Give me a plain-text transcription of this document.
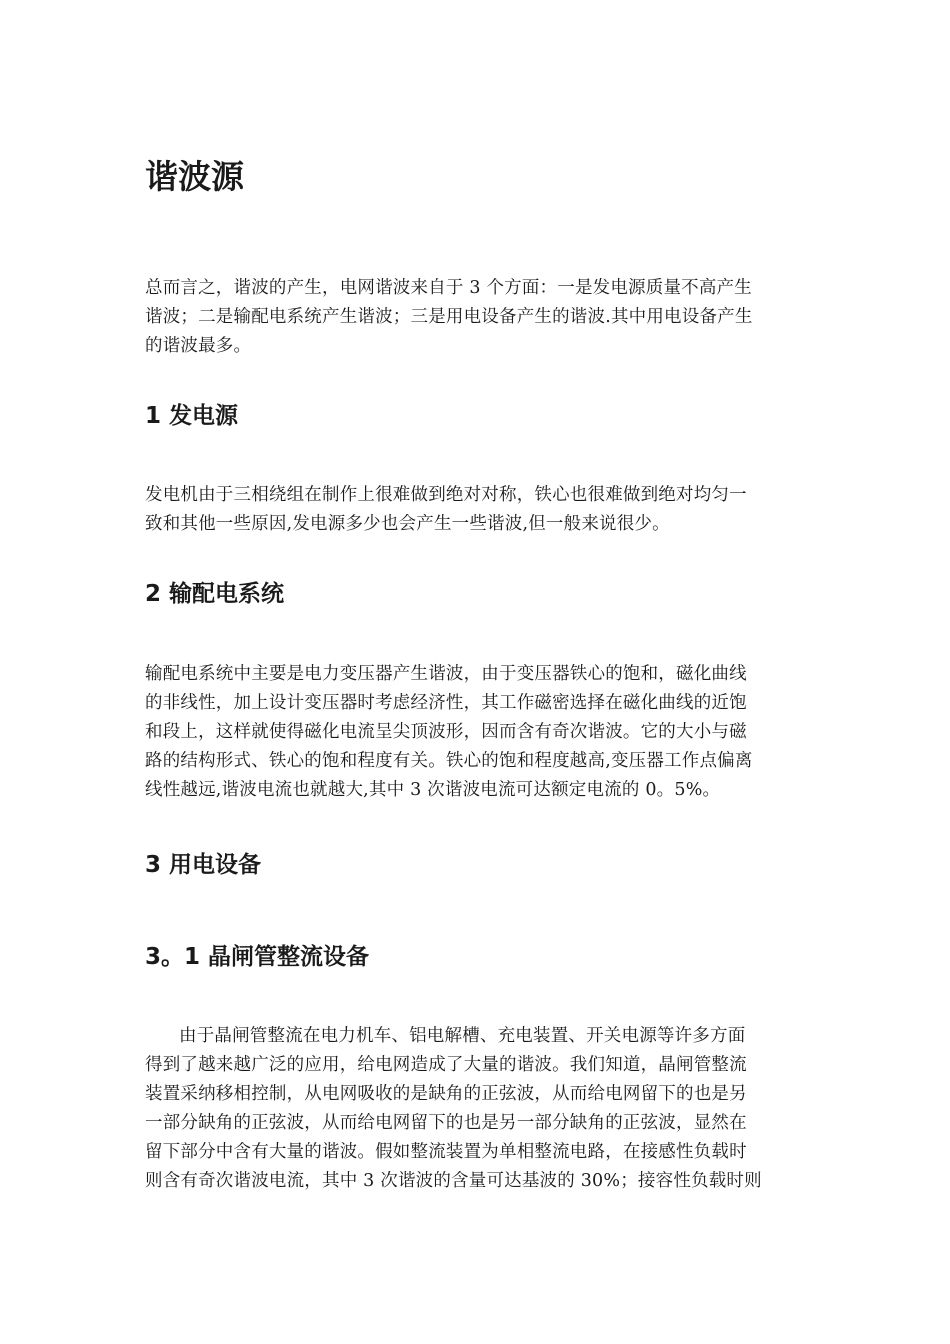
谐波源

总而言之，谐波的产生，电网谐波来自于 3 个方面：一是发电源质量不高产生
谐波；二是输配电系统产生谐波；三是用电设备产生的谐波.其中用电设备产生
的谐波最多。

1 发电源

发电机由于三相绕组在制作上很难做到绝对对称，铁心也很难做到绝对均匀一
致和其他一些原因,发电源多少也会产生一些谐波,但一般来说很少。

2 输配电系统

输配电系统中主要是电力变压器产生谐波，由于变压器铁心的饱和，磁化曲线
的非线性，加上设计变压器时考虑经济性，其工作磁密选择在磁化曲线的近饱
和段上，这样就使得磁化电流呈尖顶波形，因而含有奇次谐波。它的大小与磁
路的结构形式、铁心的饱和程度有关。铁心的饱和程度越高,变压器工作点偏离
线性越远,谐波电流也就越大,其中 3 次谐波电流可达额定电流的 0。5%。

3 用电设备
3。1 晶闸管整流设备

由于晶闸管整流在电力机车、铝电解槽、充电装置、开关电源等许多方面
得到了越来越广泛的应用，给电网造成了大量的谐波。我们知道，晶闸管整流
装置采纳移相控制，从电网吸收的是缺角的正弦波，从而给电网留下的也是另
一部分缺角的正弦波，从而给电网留下的也是另一部分缺角的正弦波，显然在
留下部分中含有大量的谐波。假如整流装置为单相整流电路，在接感性负载时
则含有奇次谐波电流，其中 3 次谐波的含量可达基波的 30%；接容性负载时则
